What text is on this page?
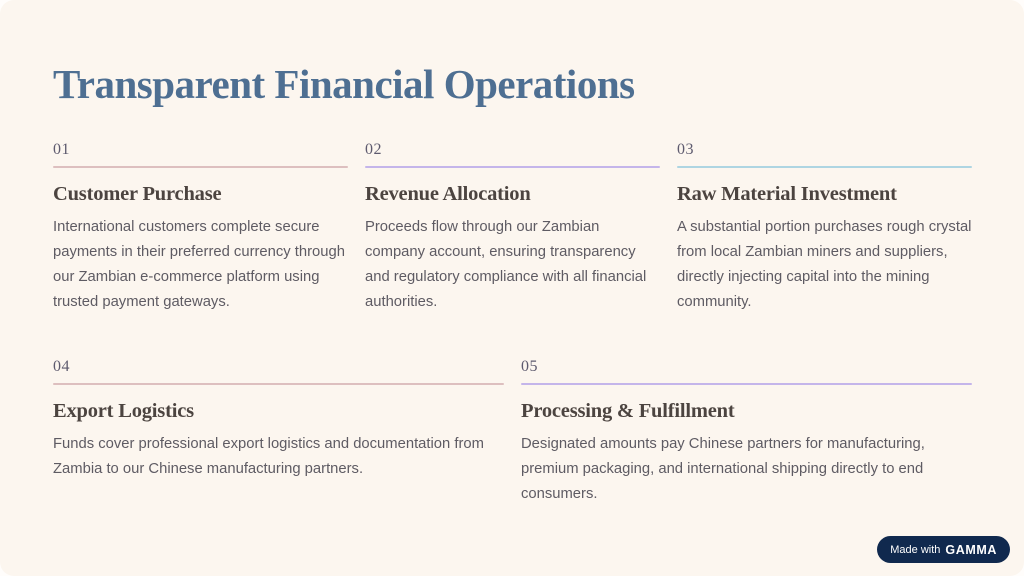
Transparent Financial Operations
01
Customer Purchase

International customers complete secure payments in their preferred currency through our Zambian e-commerce platform using trusted payment gateways.

02
Revenue Allocation

Proceeds flow through our Zambian company account, ensuring transparency and regulatory compliance with all financial authorities.

03
Raw Material Investment

A substantial portion purchases rough crystal from local Zambian miners and suppliers, directly injecting capital into the mining community.

04
Export Logistics

Funds cover professional export logistics and documentation from Zambia to our Chinese manufacturing partners.

05
Processing & Fulfillment

Designated amounts pay Chinese partners for manufacturing, premium packaging, and international shipping directly to end consumers.

Made with GAMMA
